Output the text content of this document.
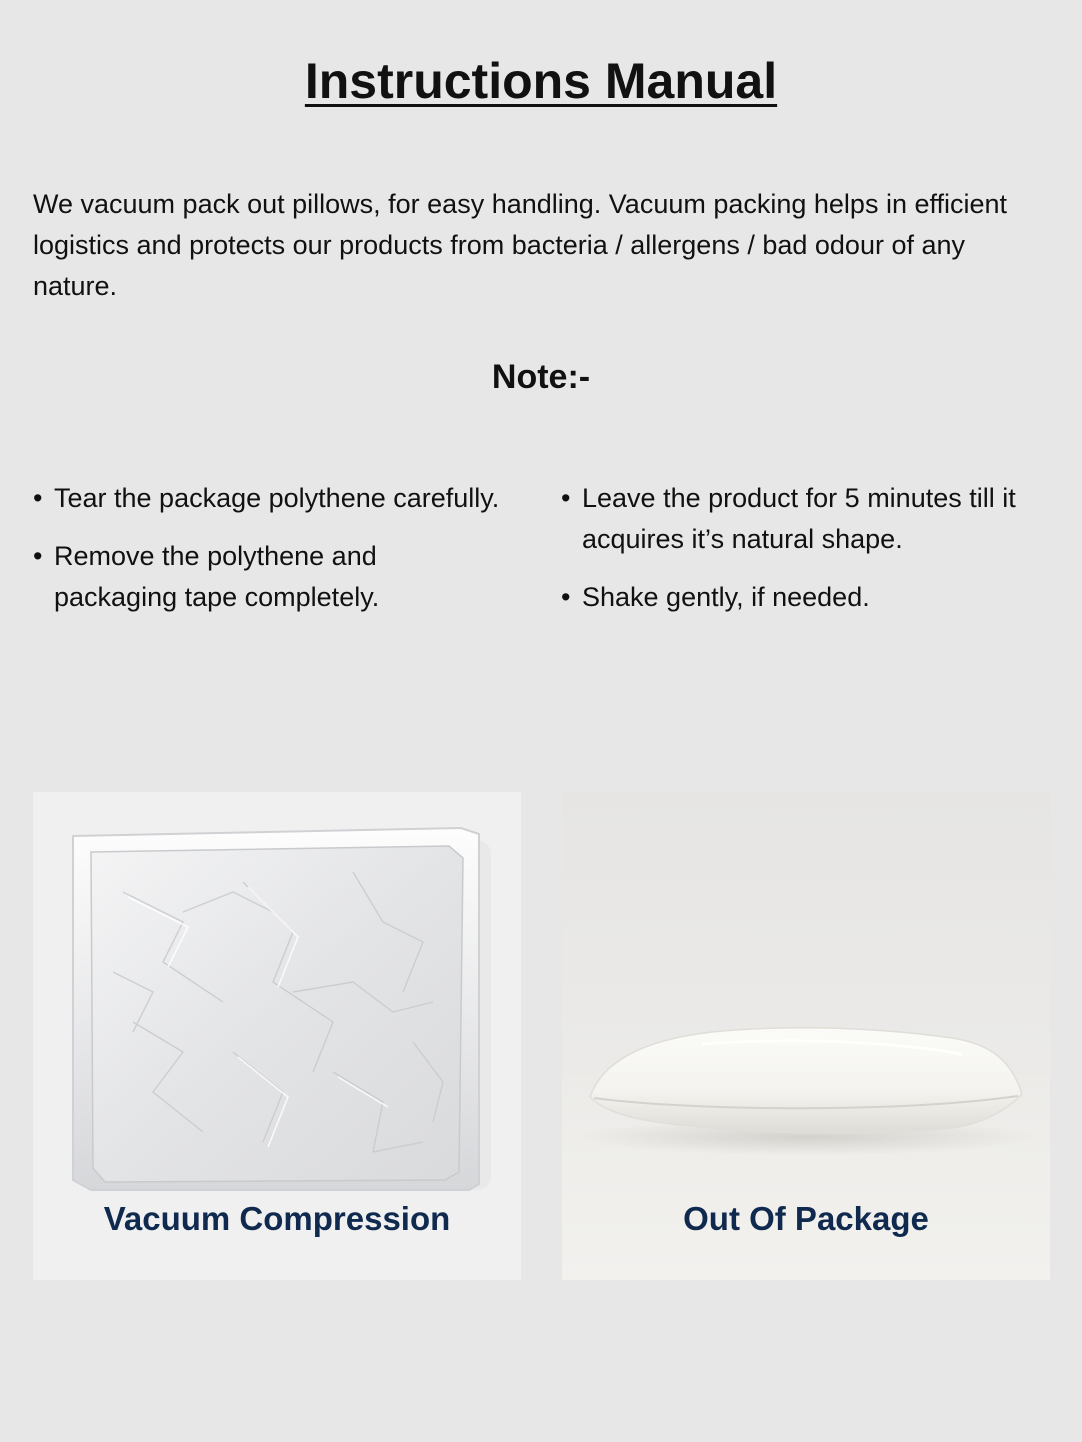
Instructions Manual

We vacuum pack out pillows, for easy handling. Vacuum packing helps in efficient logistics and protects our products from bacteria / allergens / bad odour of any nature.

Note:-
• Tear the package polythene carefully.
• Remove the polythene and packaging tape completely.
• Leave the product for 5 minutes till it acquires it’s natural shape.
• Shake gently, if needed.
Vacuum Compression	Out Of Package
